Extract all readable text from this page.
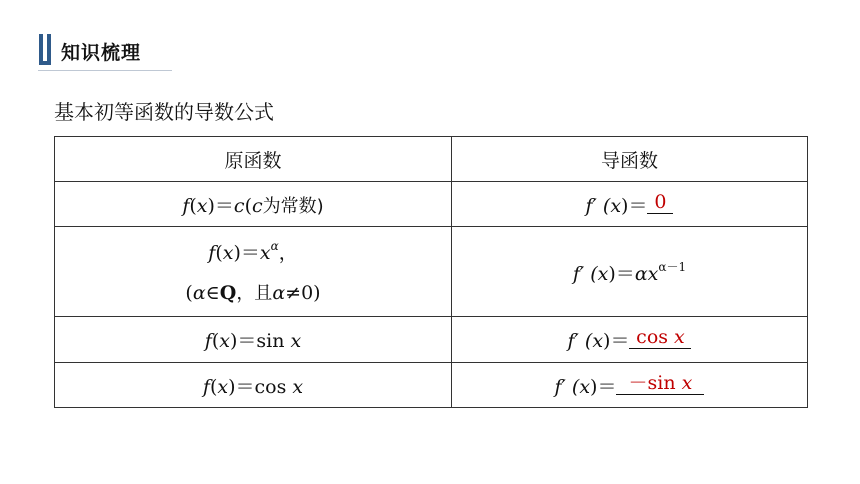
知识梳理
基本初等函数的导数公式
原函数	导函数
f(x)＝c(c为常数)	f′ (x)＝ 0

$f(x)=x^\alpha$，
(α∈Q，且α≠0)	f′ $(x)=\alpha x^{\alpha-1}$
f(x)＝sin x	f′ (x)＝ cos x
f(x)＝cos x	f′ (x)＝ －sin x
